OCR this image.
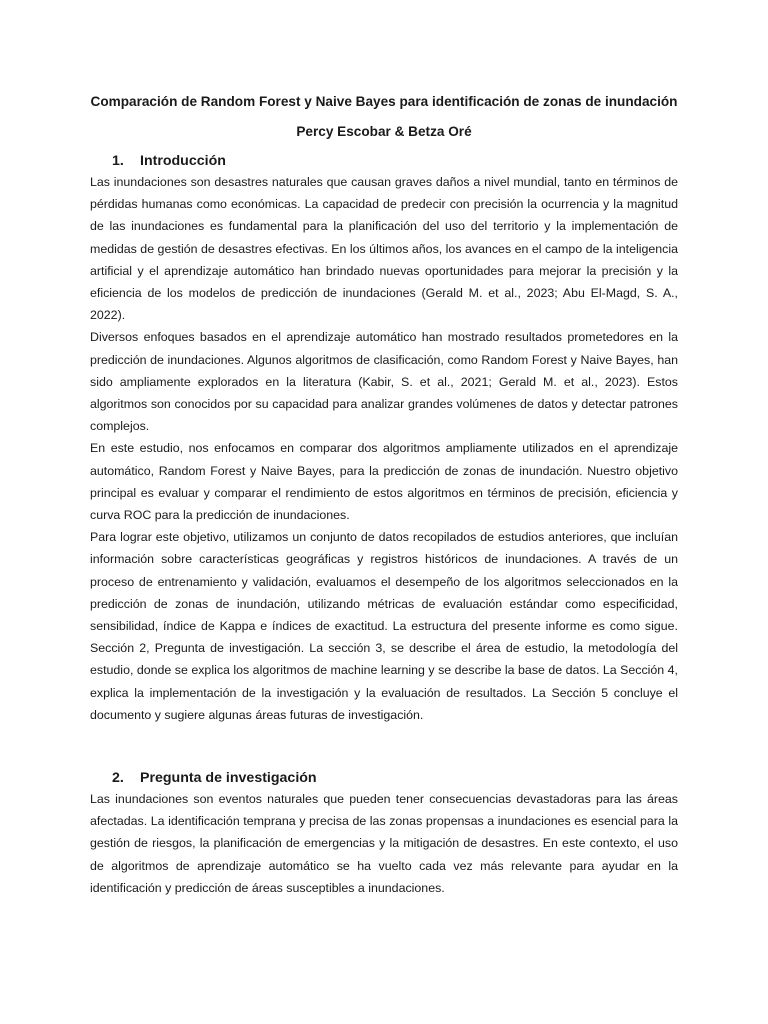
Comparación de Random Forest y Naive Bayes para identificación de zonas de inundación
Percy Escobar & Betza Oré
1.	Introducción

Las inundaciones son desastres naturales que causan graves daños a nivel mundial, tanto en términos de pérdidas humanas como económicas. La capacidad de predecir con precisión la ocurrencia y la magnitud de las inundaciones es fundamental para la planificación del uso del territorio y la implementación de medidas de gestión de desastres efectivas. En los últimos años, los avances en el campo de la inteligencia artificial y el aprendizaje automático han brindado nuevas oportunidades para mejorar la precisión y la eficiencia de los modelos de predicción de inundaciones (Gerald M. et al., 2023; Abu El-Magd, S. A., 2022).

Diversos enfoques basados en el aprendizaje automático han mostrado resultados prometedores en la predicción de inundaciones. Algunos algoritmos de clasificación, como Random Forest y Naive Bayes, han sido ampliamente explorados en la literatura (Kabir, S. et al., 2021; Gerald M. et al., 2023). Estos algoritmos son conocidos por su capacidad para analizar grandes volúmenes de datos y detectar patrones complejos.

En este estudio, nos enfocamos en comparar dos algoritmos ampliamente utilizados en el aprendizaje automático, Random Forest y Naive Bayes, para la predicción de zonas de inundación. Nuestro objetivo principal es evaluar y comparar el rendimiento de estos algoritmos en términos de precisión, eficiencia y curva ROC para la predicción de inundaciones.

Para lograr este objetivo, utilizamos un conjunto de datos recopilados de estudios anteriores, que incluían información sobre características geográficas y registros históricos de inundaciones. A través de un proceso de entrenamiento y validación, evaluamos el desempeño de los algoritmos seleccionados en la predicción de zonas de inundación, utilizando métricas de evaluación estándar como especificidad, sensibilidad, índice de Kappa e índices de exactitud. La estructura del presente informe es como sigue. Sección 2, Pregunta de investigación. La sección 3, se describe el área de estudio, la metodología del estudio, donde se explica los algoritmos de machine learning y se describe la base de datos. La Sección 4, explica la implementación de la investigación y la evaluación de resultados. La Sección 5 concluye el documento y sugiere algunas áreas futuras de investigación.

2.	Pregunta de investigación

Las inundaciones son eventos naturales que pueden tener consecuencias devastadoras para las áreas afectadas. La identificación temprana y precisa de las zonas propensas a inundaciones es esencial para la gestión de riesgos, la planificación de emergencias y la mitigación de desastres. En este contexto, el uso de algoritmos de aprendizaje automático se ha vuelto cada vez más relevante para ayudar en la identificación y predicción de áreas susceptibles a inundaciones.
